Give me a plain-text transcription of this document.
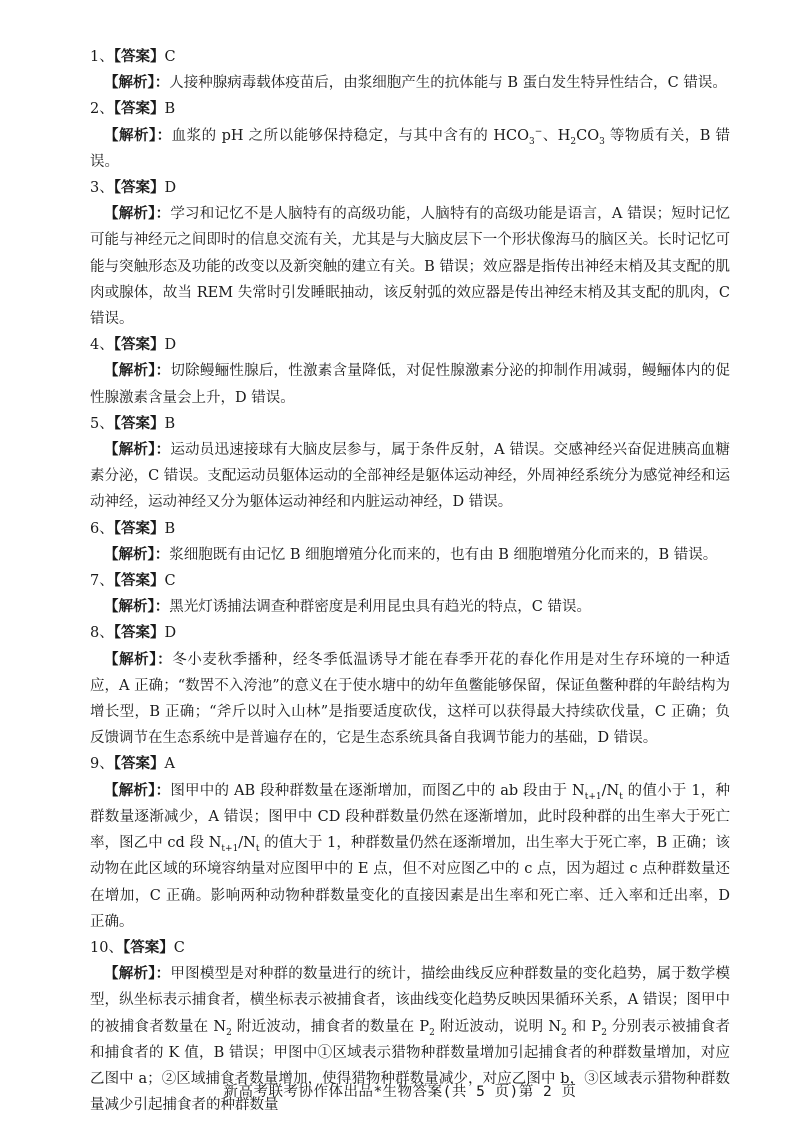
1、【答案】C

【解析】：人接种腺病毒载体疫苗后，由浆细胞产生的抗体能与 B 蛋白发生特异性结合，C 错误。

2、【答案】B

【解析】：血浆的 pH 之所以能够保持稳定，与其中含有的 $HCO_3^-$、$H_2CO_3$ 等物质有关，B 错误。

3、【答案】D

【解析】：学习和记忆不是人脑特有的高级功能，人脑特有的高级功能是语言，A 错误；短时记忆可能与神经元之间即时的信息交流有关，尤其是与大脑皮层下一个形状像海马的脑区关。长时记忆可能与突触形态及功能的改变以及新突触的建立有关。B 错误；效应器是指传出神经末梢及其支配的肌肉或腺体，故当 REM 失常时引发睡眠抽动，该反射弧的效应器是传出神经末梢及其支配的肌肉，C 错误。

4、【答案】D

【解析】：切除鳗鲡性腺后，性激素含量降低，对促性腺激素分泌的抑制作用减弱，鳗鲡体内的促性腺激素含量会上升，D 错误。

5、【答案】B

【解析】：运动员迅速接球有大脑皮层参与，属于条件反射，A 错误。交感神经兴奋促进胰高血糖素分泌，C 错误。支配运动员躯体运动的全部神经是躯体运动神经，外周神经系统分为感觉神经和运动神经，运动神经又分为躯体运动神经和内脏运动神经，D 错误。

6、【答案】B

【解析】：浆细胞既有由记忆 B 细胞增殖分化而来的，也有由 B 细胞增殖分化而来的，B 错误。

7、【答案】C

【解析】：黑光灯诱捕法调查种群密度是利用昆虫具有趋光的特点，C 错误。

8、【答案】D

【解析】：冬小麦秋季播种，经冬季低温诱导才能在春季开花的春化作用是对生存环境的一种适应，A 正确；“数罟不入洿池”的意义在于使水塘中的幼年鱼鳖能够保留，保证鱼鳖种群的年龄结构为增长型，B 正确；“斧斤以时入山林”是指要适度砍伐，这样可以获得最大持续砍伐量，C 正确；负反馈调节在生态系统中是普遍存在的，它是生态系统具备自我调节能力的基础，D 错误。

9、【答案】A

【解析】：图甲中的 AB 段种群数量在逐渐增加，而图乙中的 ab 段由于 $N_{t+1}/N_t$ 的值小于 1，种群数量逐渐减少，A 错误；图甲中 CD 段种群数量仍然在逐渐增加，此时段种群的出生率大于死亡率，图乙中 cd 段 $N_{t+1}/N_t$ 的值大于 1，种群数量仍然在逐渐增加，出生率大于死亡率，B 正确；该动物在此区域的环境容纳量对应图甲中的 E 点，但不对应图乙中的 c 点，因为超过 c 点种群数量还在增加，C 正确。影响两种动物种群数量变化的直接因素是出生率和死亡率、迁入率和迁出率，D 正确。

10、【答案】C

【解析】：甲图模型是对种群的数量进行的统计，描绘曲线反应种群数量的变化趋势，属于数学模型，纵坐标表示捕食者，横坐标表示被捕食者，该曲线变化趋势反映因果循环关系，A 错误；图甲中的被捕食者数量在 $N_2$ 附近波动，捕食者的数量在 $P_2$ 附近波动，说明 $N_2$ 和 $P_2$ 分别表示被捕食者和捕食者的 K 值，B 错误；甲图中①区域表示猎物种群数量增加引起捕食者的种群数量增加，对应乙图中 a；②区域捕食者数量增加，使得猎物种群数量减少，对应乙图中 b，③区域表示猎物种群数量减少引起捕食者的种群数量

新高考联考协作体出品*生物答案(共 5 页)第 2 页
